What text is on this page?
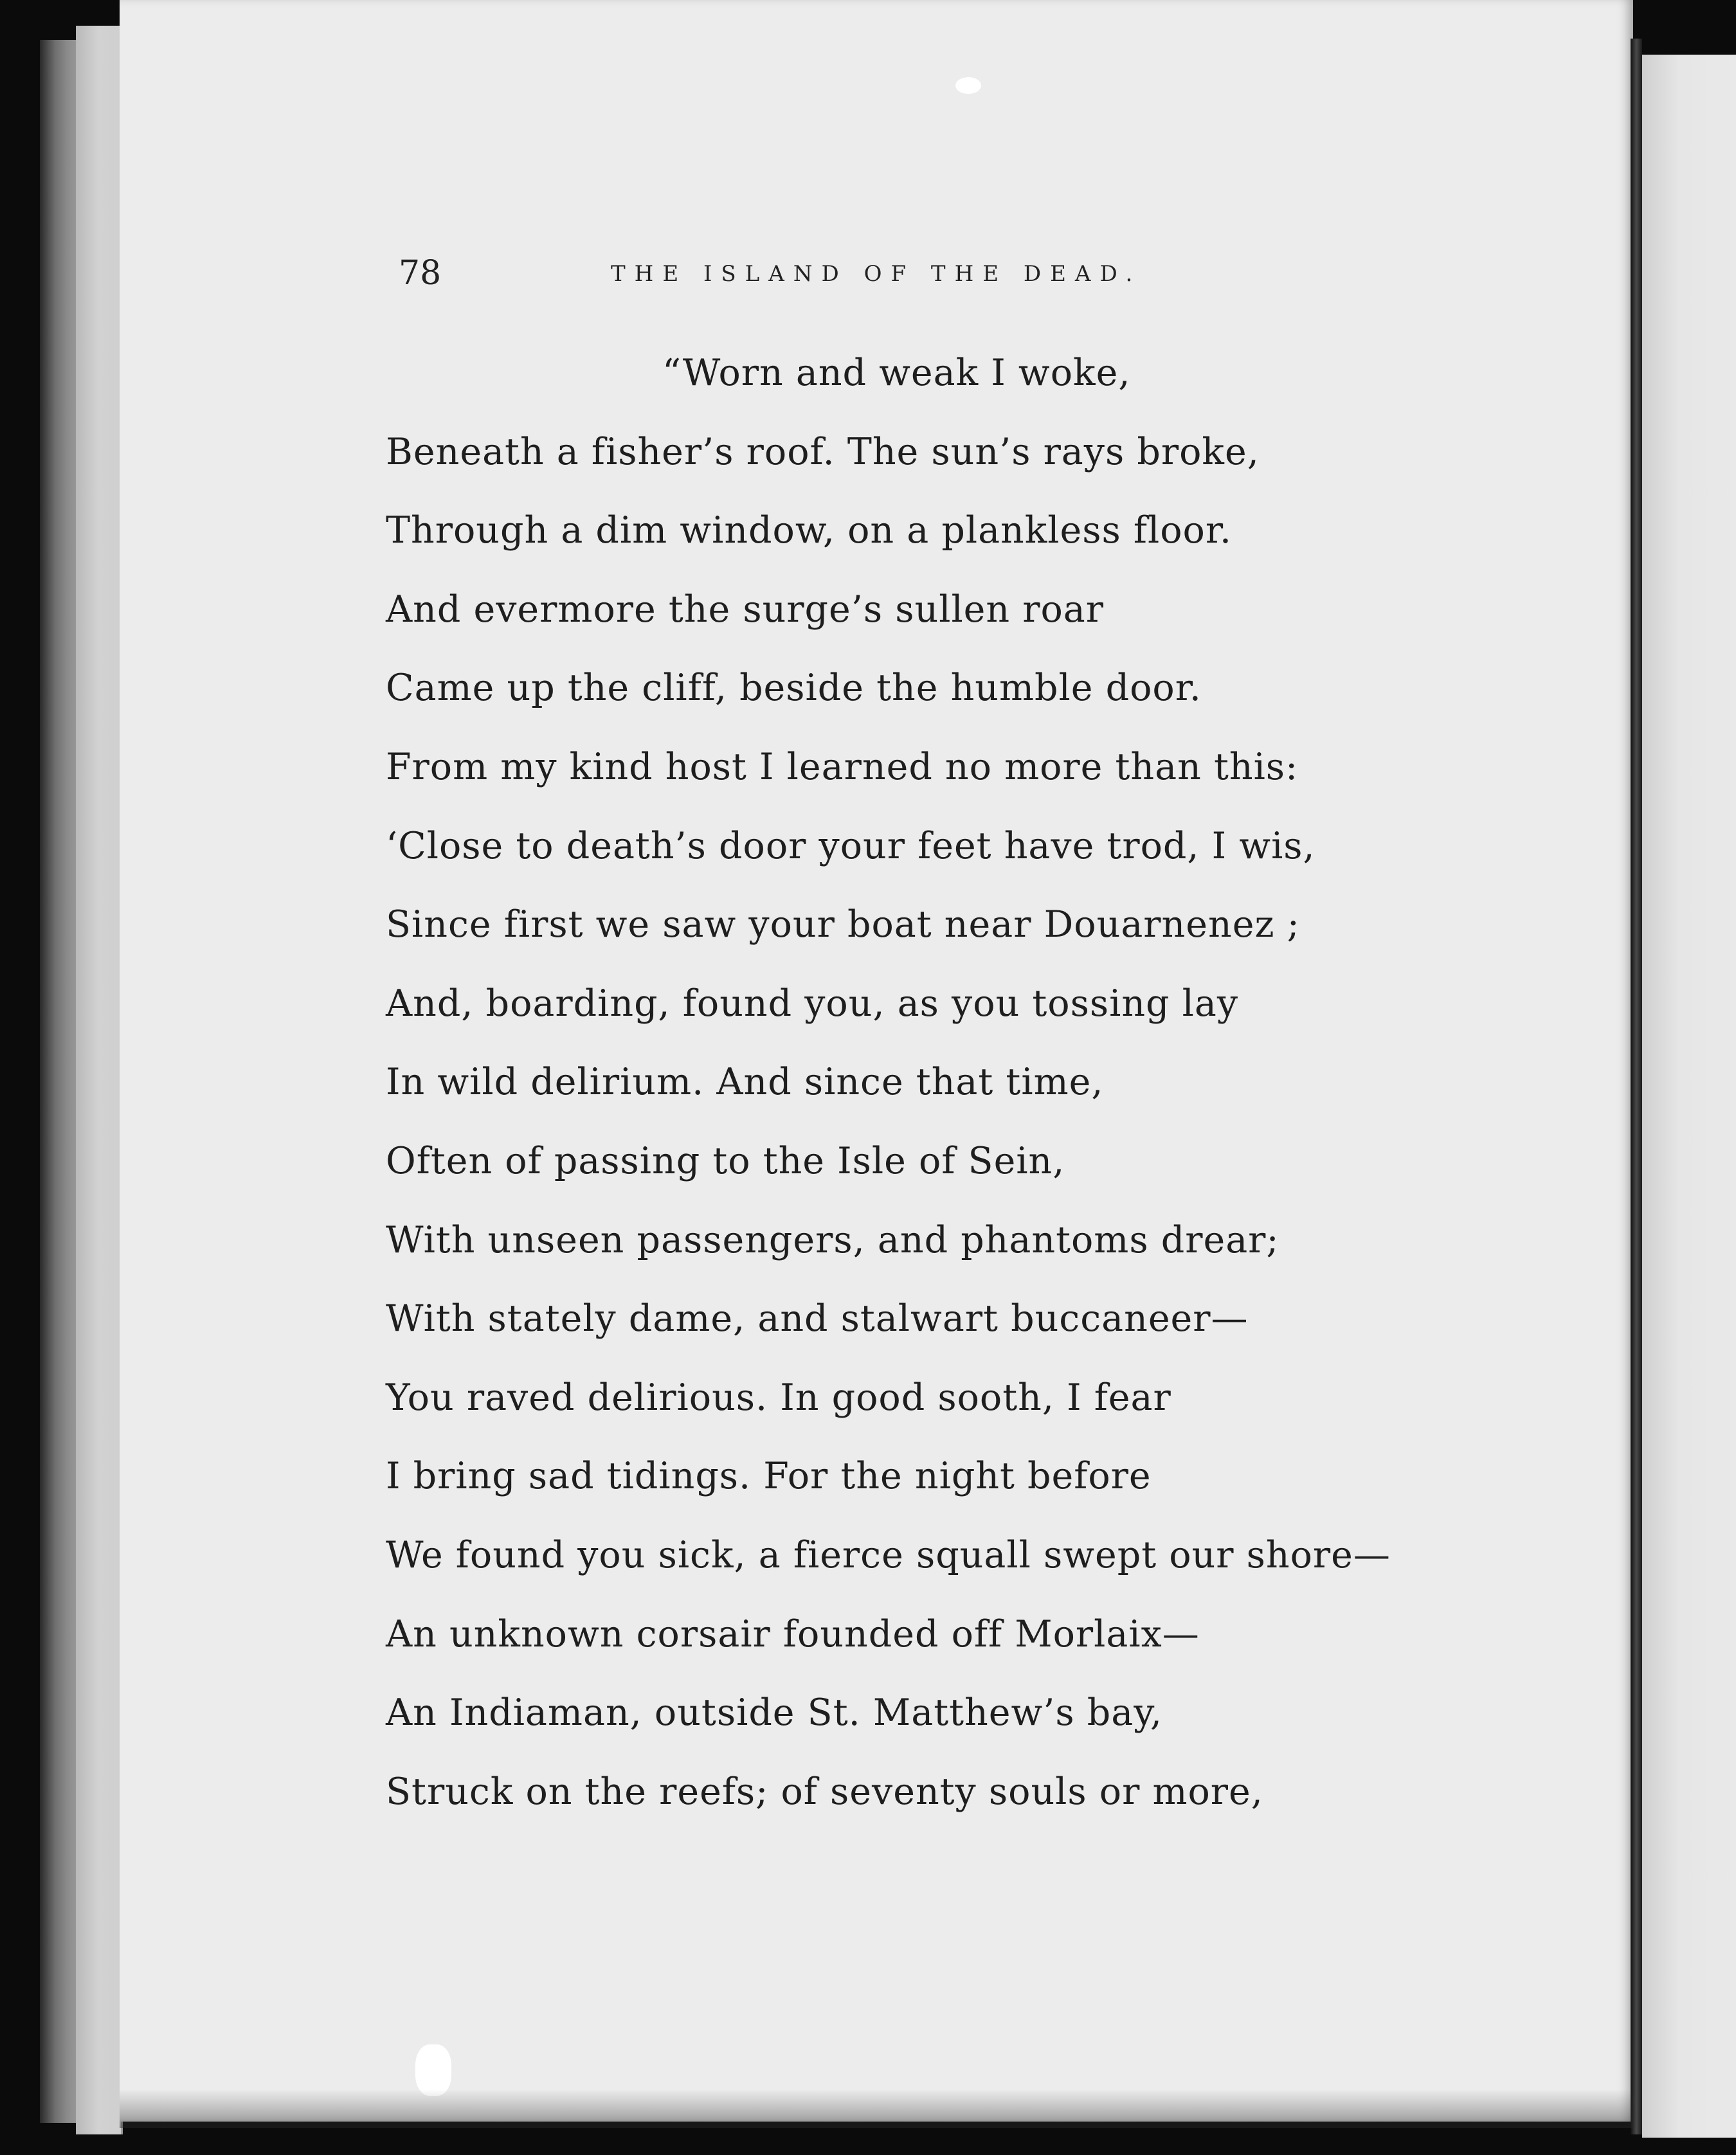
78	THE ISLAND OF THE DEAD.
“Worn and weak I woke,
Beneath a fisher’s roof. The sun’s rays broke,
Through a dim window, on a plankless floor.
And evermore the surge’s sullen roar
Came up the cliff, beside the humble door.
From my kind host I learned no more than this:
‘Close to death’s door your feet have trod, I wis,
Since first we saw your boat near Douarnenez ;
And, boarding, found you, as you tossing lay
In wild delirium. And since that time,
Often of passing to the Isle of Sein,
With unseen passengers, and phantoms drear;
With stately dame, and stalwart buccaneer—
You raved delirious. In good sooth, I fear
I bring sad tidings. For the night before
We found you sick, a fierce squall swept our shore—
An unknown corsair founded off Morlaix—
An Indiaman, outside St. Matthew’s bay,
Struck on the reefs; of seventy souls or more,
